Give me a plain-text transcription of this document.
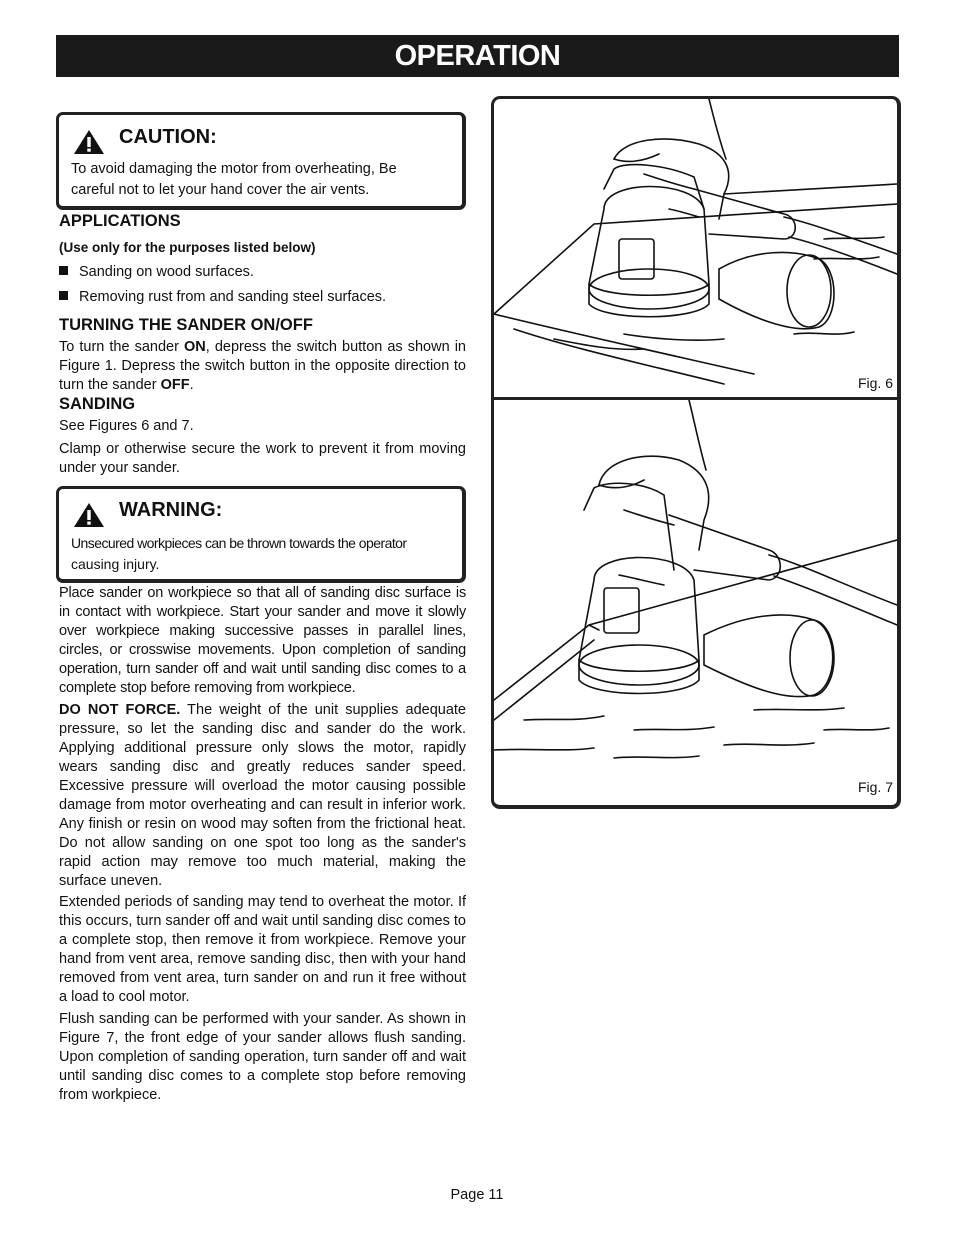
OPERATION
CAUTION:
To avoid damaging the motor from overheating, Be
careful not to let your hand cover the air vents.
APPLICATIONS
(Use only for the purposes listed below)
Sanding on wood surfaces.
Removing rust from and sanding steel surfaces.
TURNING THE SANDER ON/OFF
To turn the sander ON, depress the switch button as shown in Figure 1. Depress the switch button in the opposite direction to turn the sander OFF.
SANDING
See Figures 6 and 7.
Clamp or otherwise secure the work to prevent it from moving under your sander.
WARNING:
Unsecured workpieces can be thrown towards the operator
causing injury.
Place sander on workpiece so that all of sanding disc surface is in contact with workpiece. Start your sander and move it slowly over workpiece making successive passes in parallel lines, circles, or crosswise movements. Upon completion of sanding operation, turn sander off and wait until sanding disc comes to a complete stop before removing from workpiece.
DO NOT FORCE. The weight of the unit supplies adequate pressure, so let the sanding disc and sander do the work. Applying additional pressure only slows the motor, rapidly wears sanding disc and greatly reduces sander speed. Excessive pressure will overload the motor causing possible damage from motor overheating and can result in inferior work. Any finish or resin on wood may soften from the frictional heat. Do not allow sanding on one spot too long as the sander's rapid action may remove too much material, making the surface uneven.
Extended periods of sanding may tend to overheat the motor. If this occurs, turn sander off and wait until sanding disc comes to a complete stop, then remove it from workpiece. Remove your hand from vent area, remove sanding disc, then with your hand removed from vent area, turn sander on and run it free without a load to cool motor.
Flush sanding can be performed with your sander. As shown in Figure 7, the front edge of your sander allows flush sanding. Upon completion of sanding operation, turn sander off and wait until sanding disc comes to a complete stop before removing from workpiece.
Fig. 6
Fig. 7
Page 11
